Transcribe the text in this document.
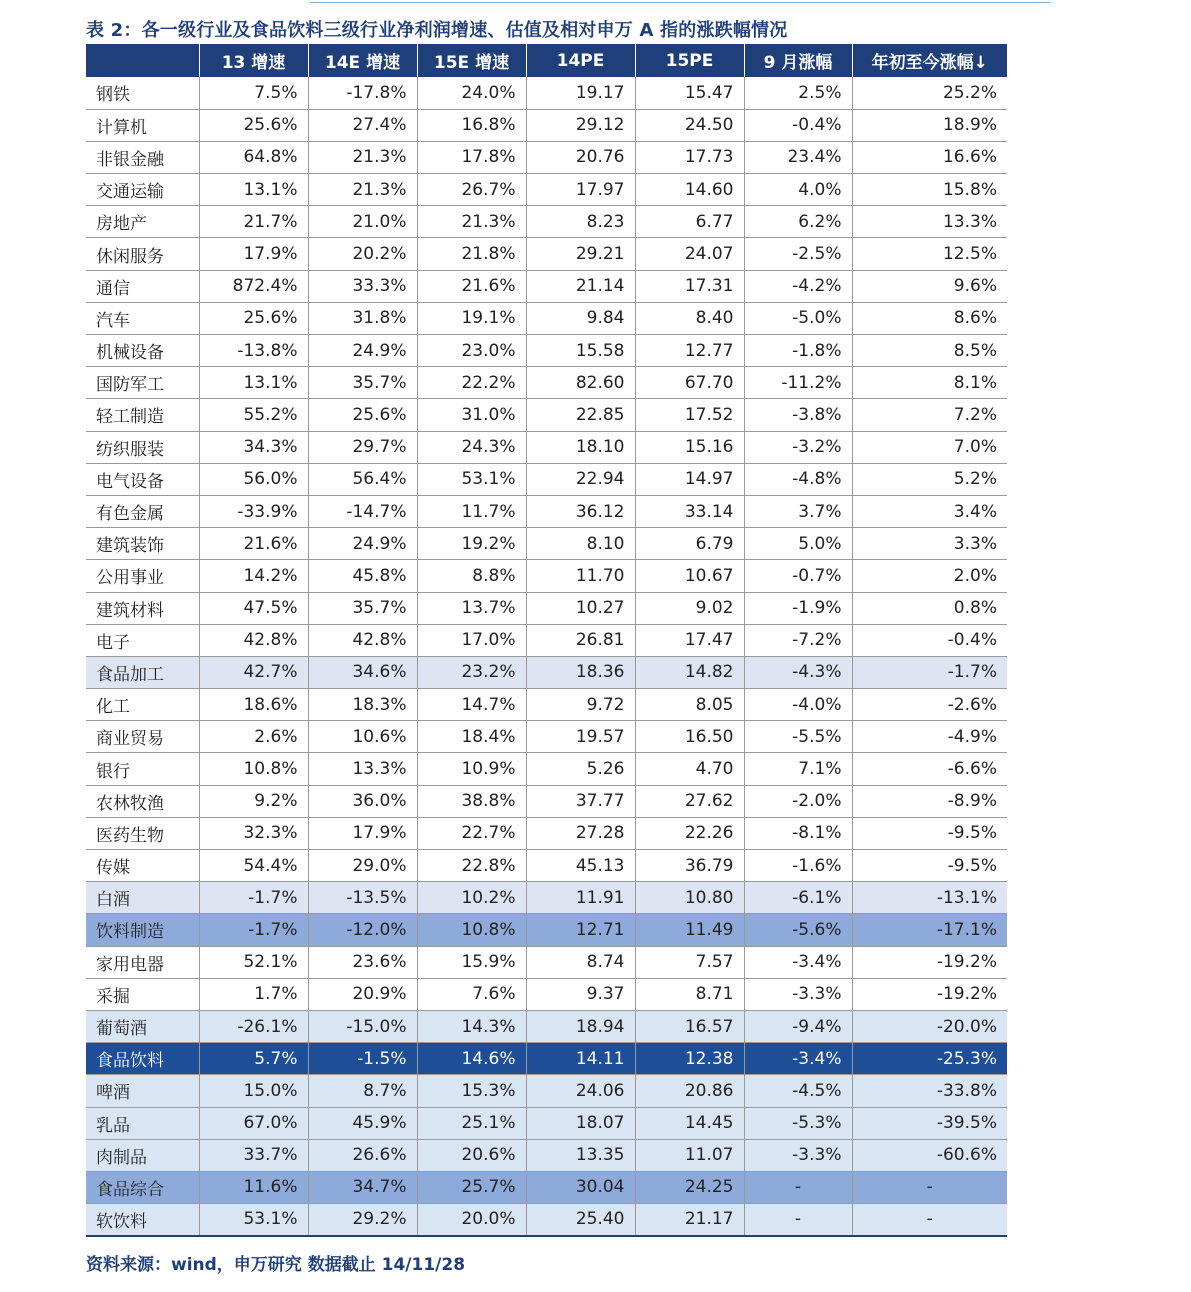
表 2：各一级行业及食品饮料三级行业净利润增速、估值及相对申万 A 指的涨跌幅情况
	13 增速	14E 增速	15E 增速	14PE	15PE	9 月涨幅	年初至今涨幅↓
钢铁	7.5%	-17.8%	24.0%	19.17	15.47	2.5%	25.2%
计算机	25.6%	27.4%	16.8%	29.12	24.50	-0.4%	18.9%
非银金融	64.8%	21.3%	17.8%	20.76	17.73	23.4%	16.6%
交通运输	13.1%	21.3%	26.7%	17.97	14.60	4.0%	15.8%
房地产	21.7%	21.0%	21.3%	8.23	6.77	6.2%	13.3%
休闲服务	17.9%	20.2%	21.8%	29.21	24.07	-2.5%	12.5%
通信	872.4%	33.3%	21.6%	21.14	17.31	-4.2%	9.6%
汽车	25.6%	31.8%	19.1%	9.84	8.40	-5.0%	8.6%
机械设备	-13.8%	24.9%	23.0%	15.58	12.77	-1.8%	8.5%
国防军工	13.1%	35.7%	22.2%	82.60	67.70	-11.2%	8.1%
轻工制造	55.2%	25.6%	31.0%	22.85	17.52	-3.8%	7.2%
纺织服装	34.3%	29.7%	24.3%	18.10	15.16	-3.2%	7.0%
电气设备	56.0%	56.4%	53.1%	22.94	14.97	-4.8%	5.2%
有色金属	-33.9%	-14.7%	11.7%	36.12	33.14	3.7%	3.4%
建筑装饰	21.6%	24.9%	19.2%	8.10	6.79	5.0%	3.3%
公用事业	14.2%	45.8%	8.8%	11.70	10.67	-0.7%	2.0%
建筑材料	47.5%	35.7%	13.7%	10.27	9.02	-1.9%	0.8%
电子	42.8%	42.8%	17.0%	26.81	17.47	-7.2%	-0.4%
食品加工	42.7%	34.6%	23.2%	18.36	14.82	-4.3%	-1.7%
化工	18.6%	18.3%	14.7%	9.72	8.05	-4.0%	-2.6%
商业贸易	2.6%	10.6%	18.4%	19.57	16.50	-5.5%	-4.9%
银行	10.8%	13.3%	10.9%	5.26	4.70	7.1%	-6.6%
农林牧渔	9.2%	36.0%	38.8%	37.77	27.62	-2.0%	-8.9%
医药生物	32.3%	17.9%	22.7%	27.28	22.26	-8.1%	-9.5%
传媒	54.4%	29.0%	22.8%	45.13	36.79	-1.6%	-9.5%
白酒	-1.7%	-13.5%	10.2%	11.91	10.80	-6.1%	-13.1%
饮料制造	-1.7%	-12.0%	10.8%	12.71	11.49	-5.6%	-17.1%
家用电器	52.1%	23.6%	15.9%	8.74	7.57	-3.4%	-19.2%
采掘	1.7%	20.9%	7.6%	9.37	8.71	-3.3%	-19.2%
葡萄酒	-26.1%	-15.0%	14.3%	18.94	16.57	-9.4%	-20.0%
食品饮料	5.7%	-1.5%	14.6%	14.11	12.38	-3.4%	-25.3%
啤酒	15.0%	8.7%	15.3%	24.06	20.86	-4.5%	-33.8%
乳品	67.0%	45.9%	25.1%	18.07	14.45	-5.3%	-39.5%
肉制品	33.7%	26.6%	20.6%	13.35	11.07	-3.3%	-60.6%
食品综合	11.6%	34.7%	25.7%	30.04	24.25	-	-
软饮料	53.1%	29.2%	20.0%	25.40	21.17	-	-
资料来源：wind，申万研究 数据截止 14/11/28
